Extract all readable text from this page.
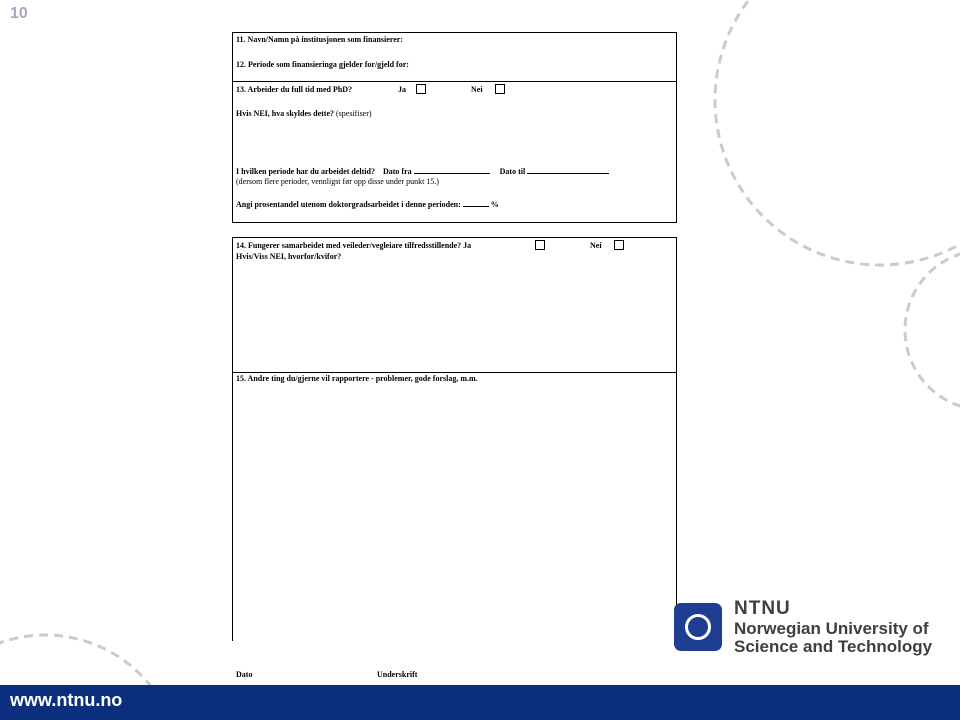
10
11. Navn/Namn på institusjonen som finansierer:
12. Periode som finansieringa gjelder for/gjeld for:
13. Arbeider du full tid med PhD?	Ja	Nei
Hvis NEI, hva skyldes dette? (spesifiser)
I hvilken periode har du arbeidet deltid? Dato fra	Dato til
(dersom flere perioder, vennligst før opp disse under punkt 15.)
Angi prosentandel utenom doktorgradsarbeidet i denne perioden:	%
14. Fungerer samarbeidet med veileder/vegleiare tilfredsstillende? Ja	Nei
Hvis/Viss NEI, hvorfor/kvifor?
15. Andre ting du/gjerne vil rapportere - problemer, gode forslag, m.m.
Dato	Underskrift
NTNU
Norwegian University of
Science and Technology
www.ntnu.no
